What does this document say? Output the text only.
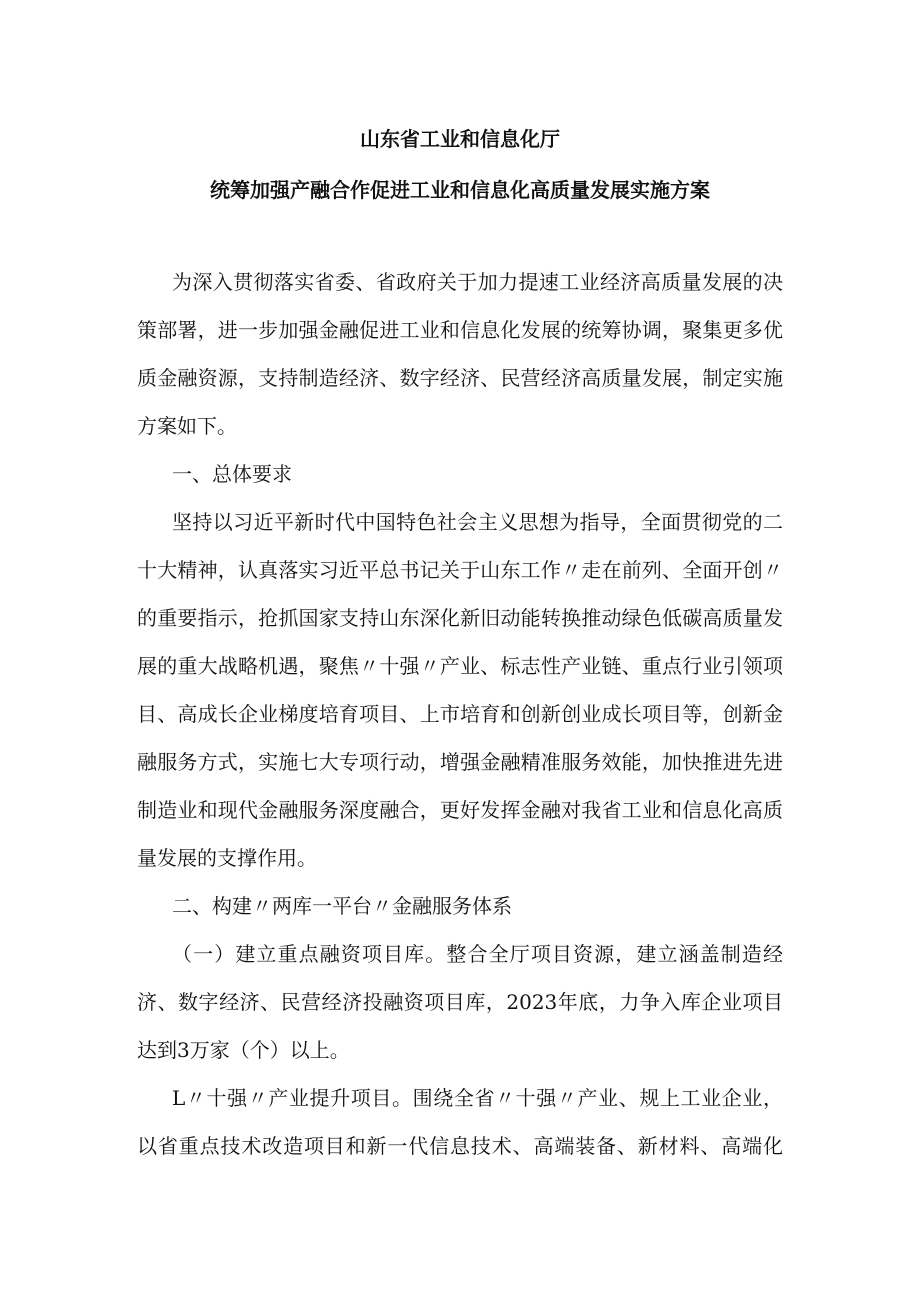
山东省工业和信息化厅
统筹加强产融合作促进工业和信息化高质量发展实施方案
为深入贯彻落实省委、省政府关于加力提速工业经济高质量发展的决
策部署，进一步加强金融促进工业和信息化发展的统筹协调，聚集更多优
质金融资源，支持制造经济、数字经济、民营经济高质量发展，制定实施
方案如下。
一、总体要求
坚持以习近平新时代中国特色社会主义思想为指导，全面贯彻党的二
十大精神，认真落实习近平总书记关于山东工作〃走在前列、全面开创〃
的重要指示，抢抓国家支持山东深化新旧动能转换推动绿色低碳高质量发
展的重大战略机遇，聚焦〃十强〃产业、标志性产业链、重点行业引领项
目、高成长企业梯度培育项目、上市培育和创新创业成长项目等，创新金
融服务方式，实施七大专项行动，增强金融精准服务效能，加快推进先进
制造业和现代金融服务深度融合，更好发挥金融对我省工业和信息化高质
量发展的支撑作用。
二、构建〃两库一平台〃金融服务体系
（一）建立重点融资项目库。整合全厅项目资源，建立涵盖制造经
济、数字经济、民营经济投融资项目库，2023年底，力争入库企业项目
达到3万家（个）以上。
L〃十强〃产业提升项目。围绕全省〃十强〃产业、规上工业企业，
以省重点技术改造项目和新一代信息技术、高端装备、新材料、高端化
